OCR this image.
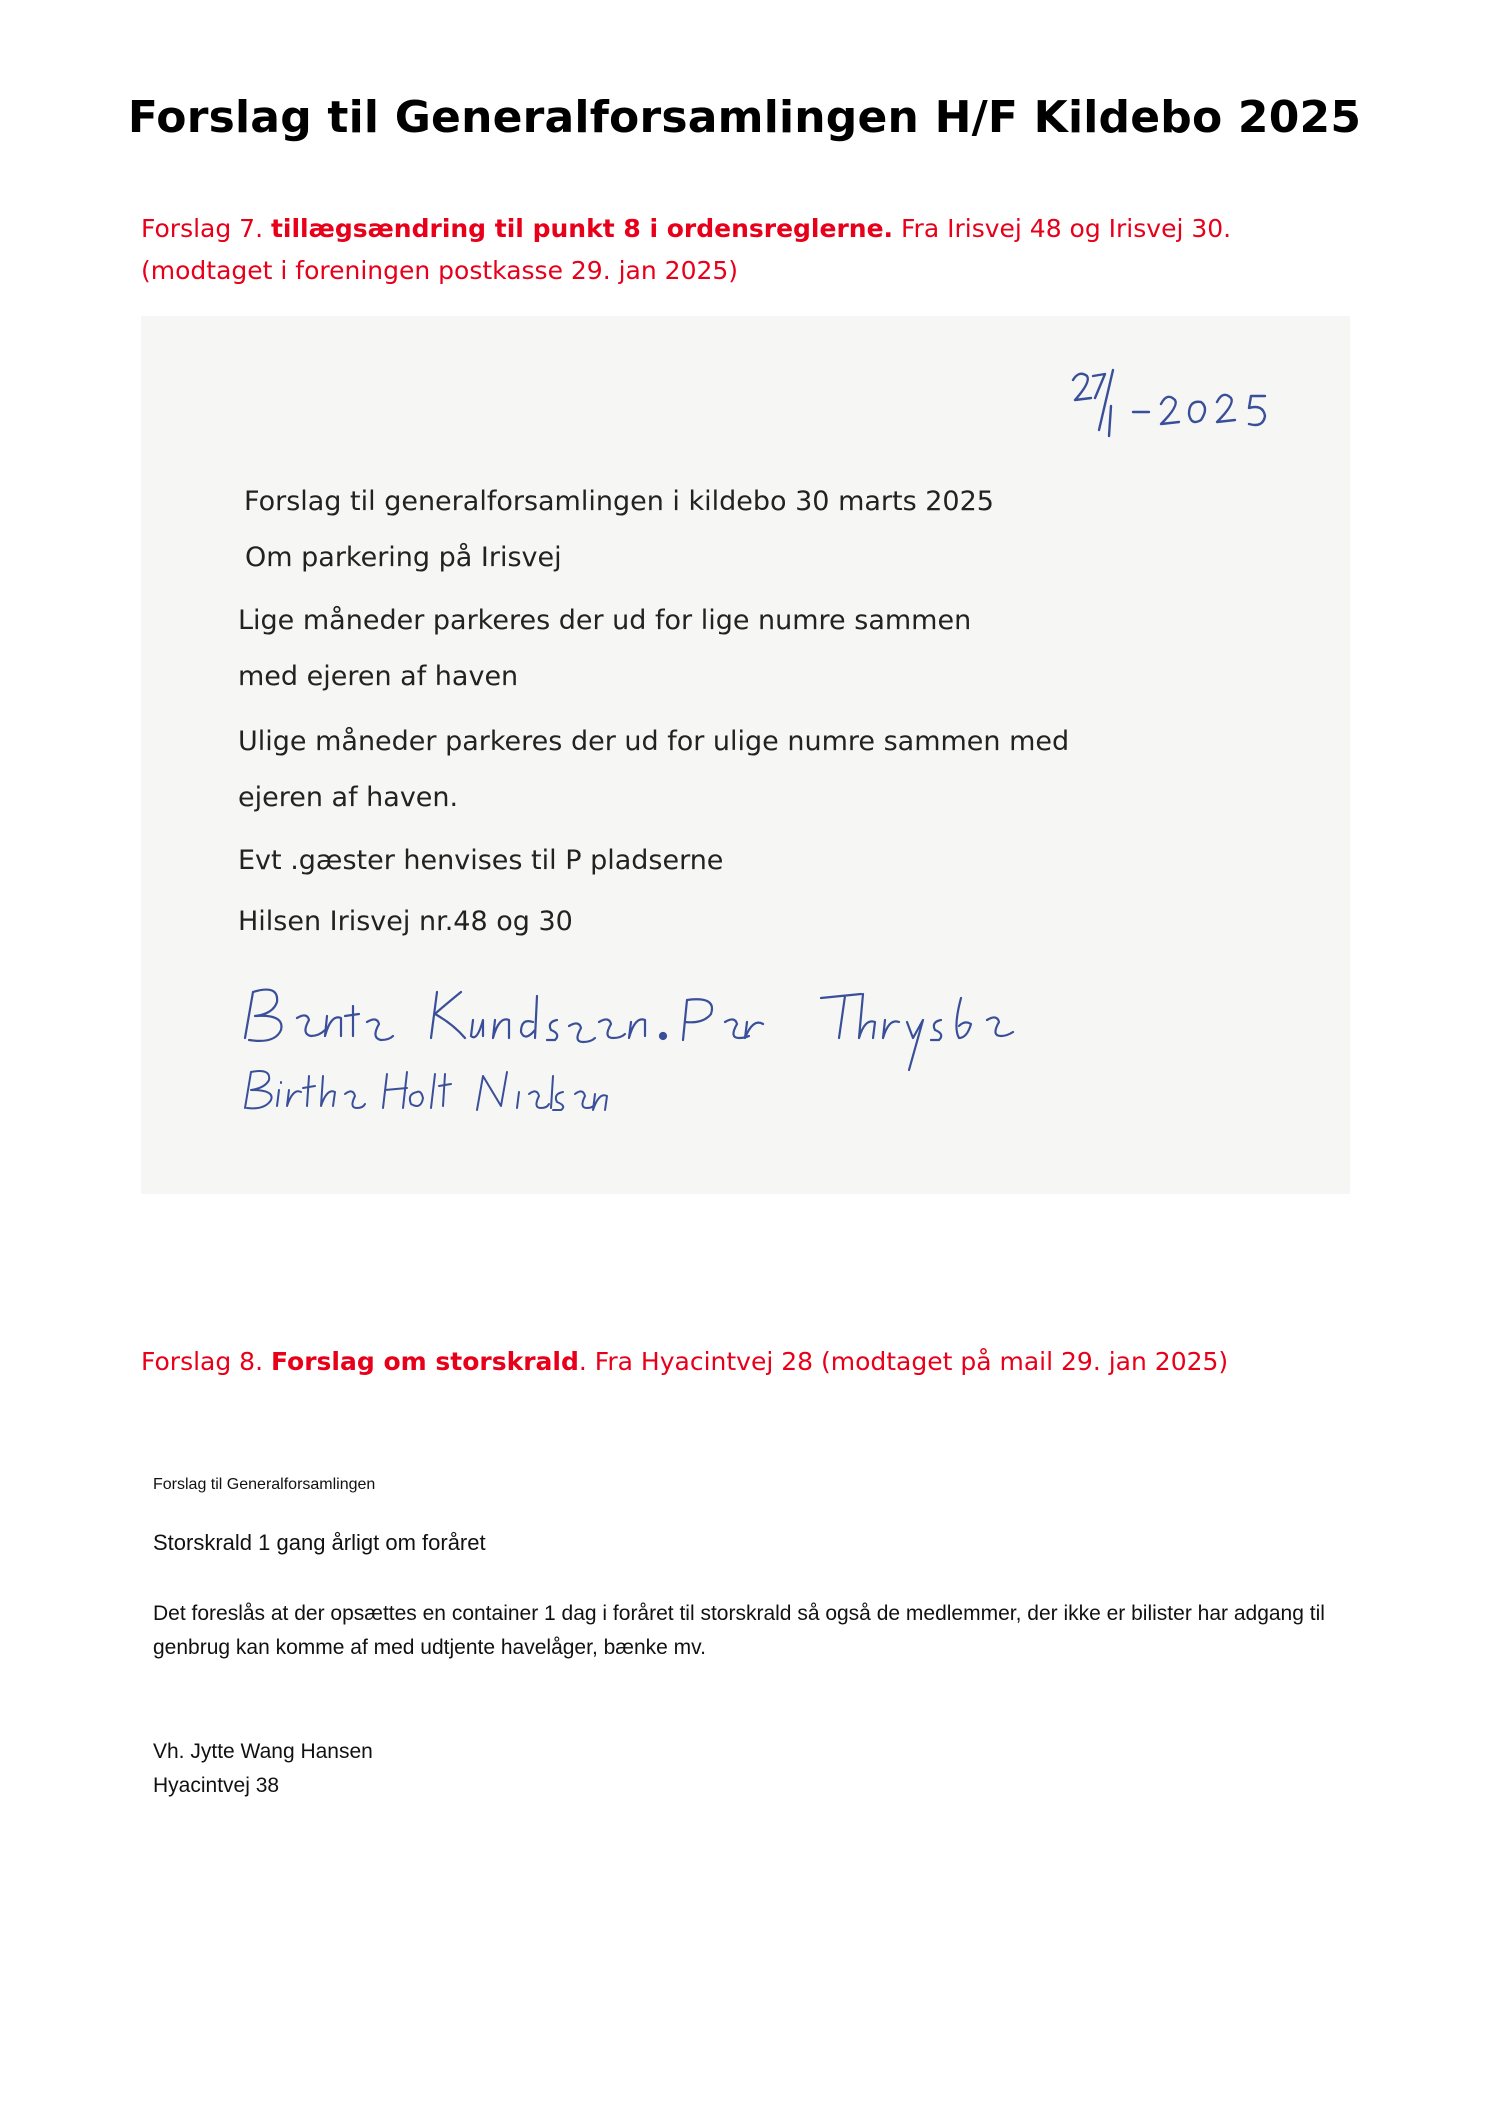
Forslag til Generalforsamlingen H/F Kildebo 2025

Forslag 7. tillægsændring til punkt 8 i ordensreglerne. Fra Irisvej 48 og Irisvej 30. (modtaget i foreningen postkasse 29. jan 2025)

Forslag til generalforsamlingen i kildebo 30 marts 2025

Om parkering på Irisvej

Lige måneder parkeres der ud for lige numre sammen

med ejeren af haven

Ulige måneder parkeres der ud for ulige numre sammen med

ejeren af haven.

Evt .gæster henvises til P pladserne

Hilsen Irisvej nr.48 og 30

Forslag 8. Forslag om storskrald. Fra Hyacintvej 28 (modtaget på mail 29. jan 2025)

Forslag til Generalforsamlingen

Storskrald 1 gang årligt om foråret

Det foreslås at der opsættes en container 1 dag i foråret til storskrald så også de medlemmer, der ikke er bilister har adgang til genbrug kan komme af med udtjente havelåger, bænke mv.

Vh. Jytte Wang Hansen

Hyacintvej 38
